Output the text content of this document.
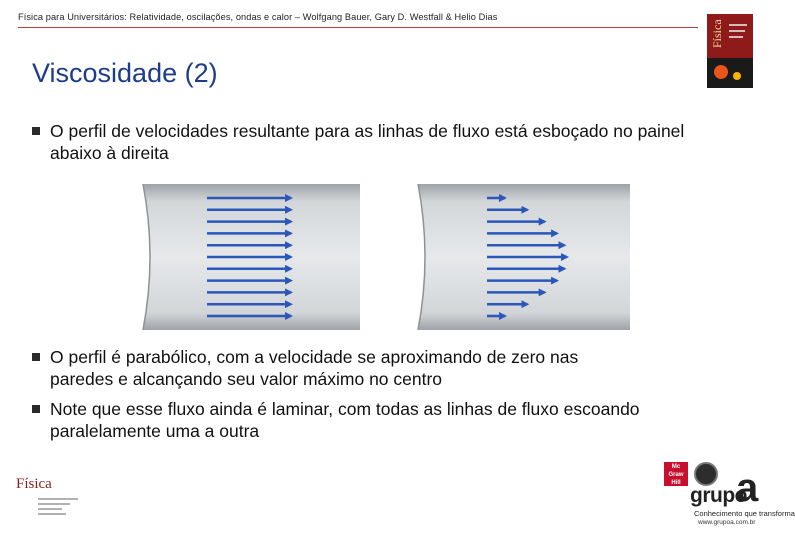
Física para Universitários: Relatividade, oscilações, ondas e calor – Wolfgang Bauer, Gary D. Westfall & Helio Dias
Física
Viscosidade (2)
O perfil de velocidades resultante para as linhas de fluxo está esboçado no painel abaixo à direita
O perfil é parabólico, com a velocidade se aproximando de zero nas paredes e alcançando seu valor máximo no centro
Note que esse fluxo ainda é laminar, com todas as linhas de fluxo escoando paralelamente uma a outra
Física
Mc Graw Hill
grupo
a
Conhecimento que transforma
www.grupoa.com.br
